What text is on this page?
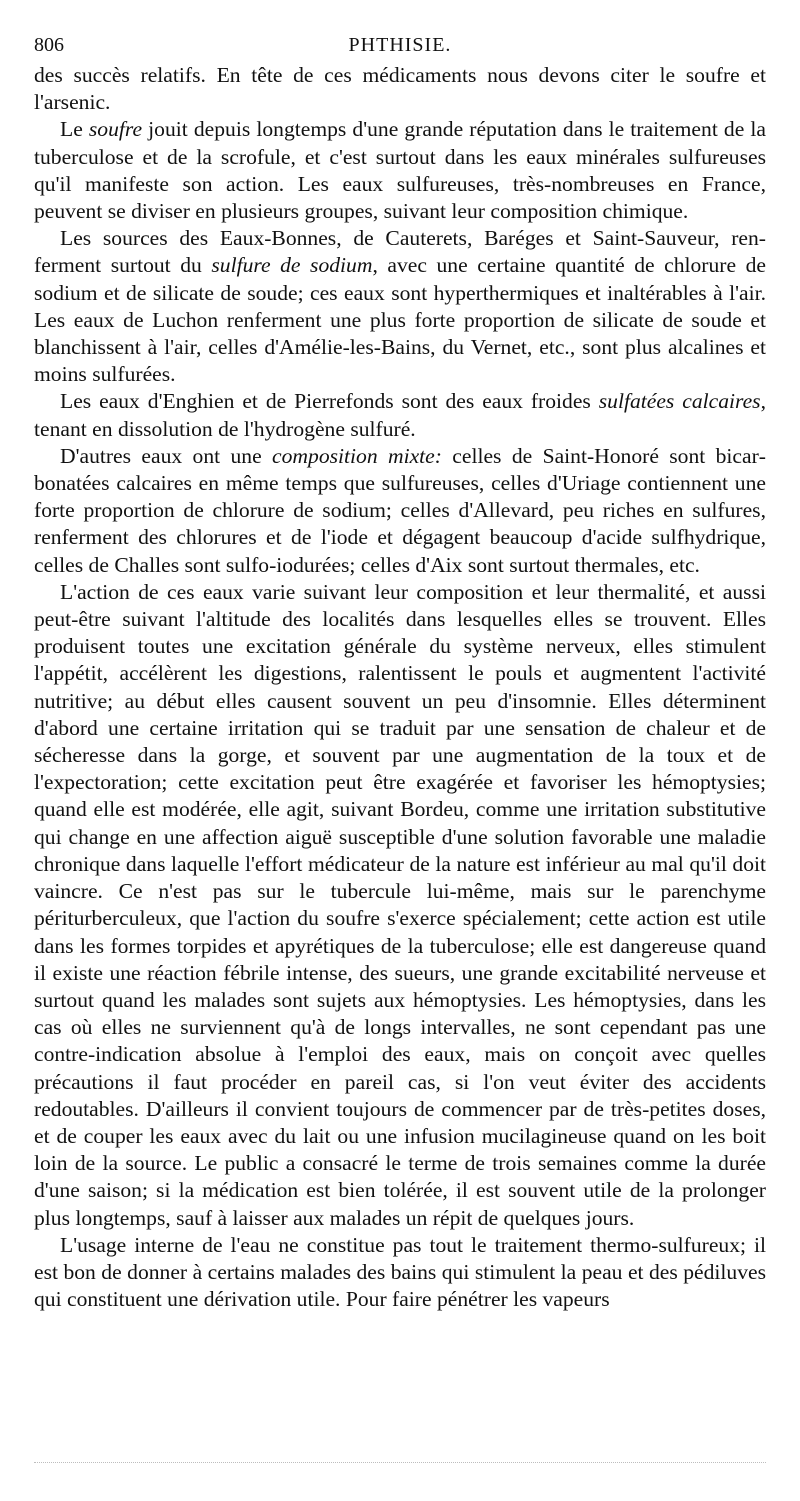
806	PHTHISIE.

des succès relatifs. En tête de ces médicaments nous devons citer le soufre et l'arsenic.

Le soufre jouit depuis longtemps d'une grande réputation dans le traitement de la tuberculose et de la scrofule, et c'est surtout dans les eaux minérales sulfureuses qu'il manifeste son action. Les eaux sulfureuses, très-nombreuses en France, peuvent se diviser en plusieurs groupes, suivant leur composition chimique.

Les sources des Eaux-Bonnes, de Cauterets, Baréges et Saint-Sauveur, renferment surtout du sulfure de sodium, avec une certaine quantité de chlorure de sodium et de silicate de soude; ces eaux sont hyperthermiques et inaltérables à l'air. Les eaux de Luchon renferment une plus forte proportion de silicate de soude et blanchissent à l'air, celles d'Amélie-les-Bains, du Vernet, etc., sont plus alcalines et moins sulfurées.

Les eaux d'Enghien et de Pierrefonds sont des eaux froides sulfatées calcaires, tenant en dissolution de l'hydrogène sulfuré.

D'autres eaux ont une composition mixte: celles de Saint-Honoré sont bicarbonatées calcaires en même temps que sulfureuses, celles d'Uriage contiennent une forte proportion de chlorure de sodium; celles d'Allevard, peu riches en sulfures, renferment des chlorures et de l'iode et dégagent beaucoup d'acide sulfhydrique, celles de Challes sont sulfo-iodurées; celles d'Aix sont surtout thermales, etc.

L'action de ces eaux varie suivant leur composition et leur thermalité, et aussi peut-être suivant l'altitude des localités dans lesquelles elles se trouvent. Elles produisent toutes une excitation générale du système nerveux, elles stimulent l'appétit, accélèrent les digestions, ralentissent le pouls et augmentent l'activité nutritive; au début elles causent souvent un peu d'insomnie. Elles déterminent d'abord une certaine irritation qui se traduit par une sensation de chaleur et de sécheresse dans la gorge, et souvent par une augmentation de la toux et de l'expectoration; cette excitation peut être exagérée et favoriser les hémoptysies; quand elle est modérée, elle agit, suivant Bordeu, comme une irritation substitutive qui change en une affection aiguë susceptible d'une solution favorable une maladie chronique dans laquelle l'effort médicateur de la nature est inférieur au mal qu'il doit vaincre. Ce n'est pas sur le tubercule lui-même, mais sur le parenchyme périturberculeux, que l'action du soufre s'exerce spécialement; cette action est utile dans les formes torpides et apyrétiques de la tuberculose; elle est dangereuse quand il existe une réaction fébrile intense, des sueurs, une grande excitabilité nerveuse et surtout quand les malades sont sujets aux hémoptysies. Les hémoptysies, dans les cas où elles ne surviennent qu'à de longs intervalles, ne sont cependant pas une contre-indication absolue à l'emploi des eaux, mais on conçoit avec quelles précautions il faut procéder en pareil cas, si l'on veut éviter des accidents redoutables. D'ailleurs il convient toujours de commencer par de très-petites doses, et de couper les eaux avec du lait ou une infusion mucilagineuse quand on les boit loin de la source. Le public a consacré le terme de trois semaines comme la durée d'une saison; si la médication est bien tolérée, il est souvent utile de la prolonger plus longtemps, sauf à laisser aux malades un répit de quelques jours.

L'usage interne de l'eau ne constitue pas tout le traitement thermo-sulfureux; il est bon de donner à certains malades des bains qui stimulent la peau et des pédiluves qui constituent une dérivation utile. Pour faire pénétrer les vapeurs
